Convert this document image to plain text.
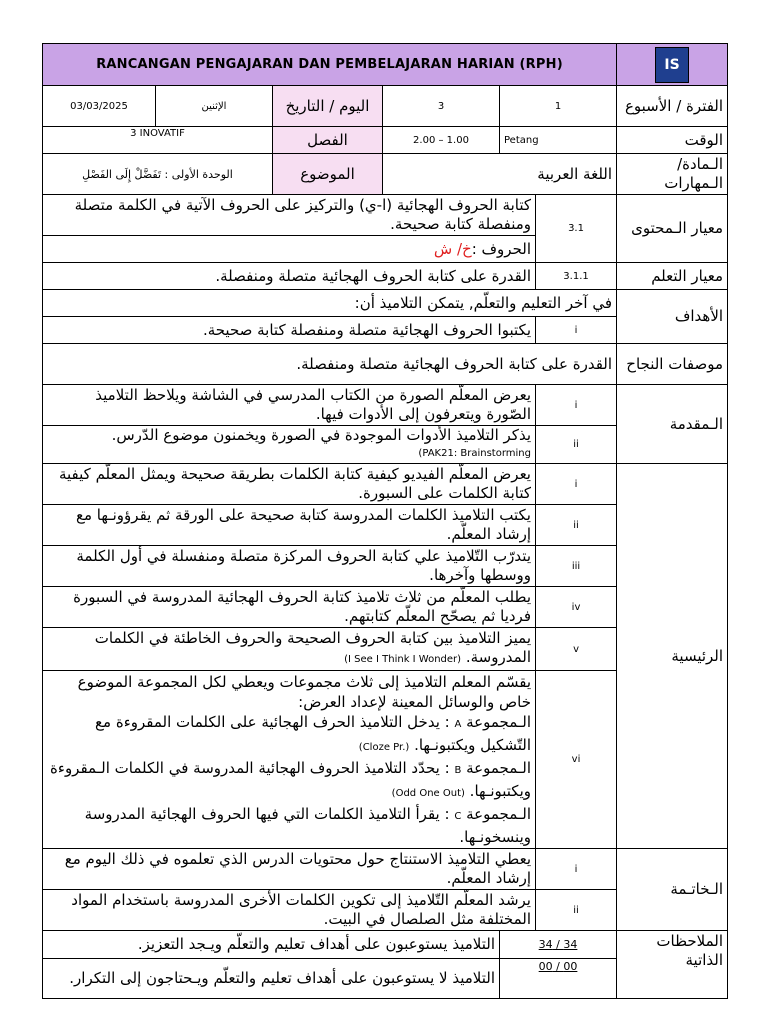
RANCANGAN PENGAJARAN DAN PEMBELAJARAN HARIAN (RPH)						IS

03/03/2025	الإثنين	اليوم / التاريخ	3	1		الفترة / الأسبوع
3 INOVATIF		الفصل	2.00 – 1.00	Petang		الوقت
الوحدة الأولى : تَفَضَّلْ إِلَى الفَصْلِ		الموضوع	اللغة العربية			الـمادة/ الـمهارات
كتابة الحروف الهجائية (ا-ي) والتركيز على الحروف الآتية في الكلمة متصلة ومنفصلة كتابة صحيحة.					3.1	معيار الـمحتوى
الحروف :خ/ ش						
القدرة على كتابة الحروف الهجائية متصلة ومنفصلة.					3.1.1	معيار التعلم
في آخر التعليم والتعلّم, يتمكن التلاميذ أن:						الأهداف
يكتبوا الحروف الهجائية متصلة ومنفصلة كتابة صحيحة.					i	
القدرة على كتابة الحروف الهجائية متصلة ومنفصلة.						موصفات النجاح
يعرض المعلّم الصورة من الكتاب المدرسي في الشاشة ويلاحظ التلاميذ الصّورة ويتعرفون إلى الأدوات فيها.					i	الـمقدمة
يذكر التلاميذ الأدوات الموجودة في الصورة ويخمنون موضوع الدّرس.
(PAK21: Brainstorming					ii	
يعرض المعلّم الفيديو كيفية كتابة الكلمات بطريقة صحيحة ويمثل المعلّم كيفية كتابة الكلمات على السبورة.					i	الرئيسية
يكتب التلاميذ الكلمات المدروسة كتابة صحيحة على الورقة ثم يقرؤونـها مع إرشاد المعلّم.					ii	
يتدرّب التّلاميذ علي كتابة الحروف المركزة متصلة ومنفسلة في أول الكلمة ووسطها وآخرها.					iii	
يطلب المعلّم من ثلاث تلاميذ كتابة الحروف الهجائية المدروسة في السبورة فرديا ثم يصحّح المعلّم كتابتهم.					iv	
يميز التلاميذ بين كتابة الحروف الصحيحة والحروف الخاطئة في الكلمات المدروسة. (I See I Think I Wonder)					v	

يقسّم المعلم التلاميذ إلى ثلاث مجموعات ويعطي لكل المجموعة الموضوع خاص والوسائل المعينة لإعداد العرض:
الـمجموعة A : يدخل التلاميذ الحرف الهجائية على الكلمات المقروءة مع التّشكيل ويكتبونـها. (Cloze Pr.)
الـمجموعة B : يحدّد التلاميذ الحروف الهجائية المدروسة في الكلمات الـمقروءة ويكتبونـها. (Odd One Out)
الـمجموعة C : يقرأ التلاميذ الكلمات التي فيها الحروف الهجائية المدروسة وينسخونـها.					vi	

يعطي التلاميذ الاستنتاج حول محتويات الدرس الذي تعلموه في ذلك اليوم مع إرشاد المعلّم.					i	الـخاتـمة
يرشد المعلّم التّلاميذ إلى تكوين الكلمات الأخرى المدروسة باستخدام المواد المختلفة مثل الصلصال في البيت.					ii	
التلاميذ يستوعبون على أهداف تعليم والتعلّم ويـجد التعزيز.				34 / 34		الملاحظات الذاتية
التلاميذ لا يستوعبون على أهداف تعليم والتعلّم ويـحتاجون إلى التكرار.				00 / 00		
